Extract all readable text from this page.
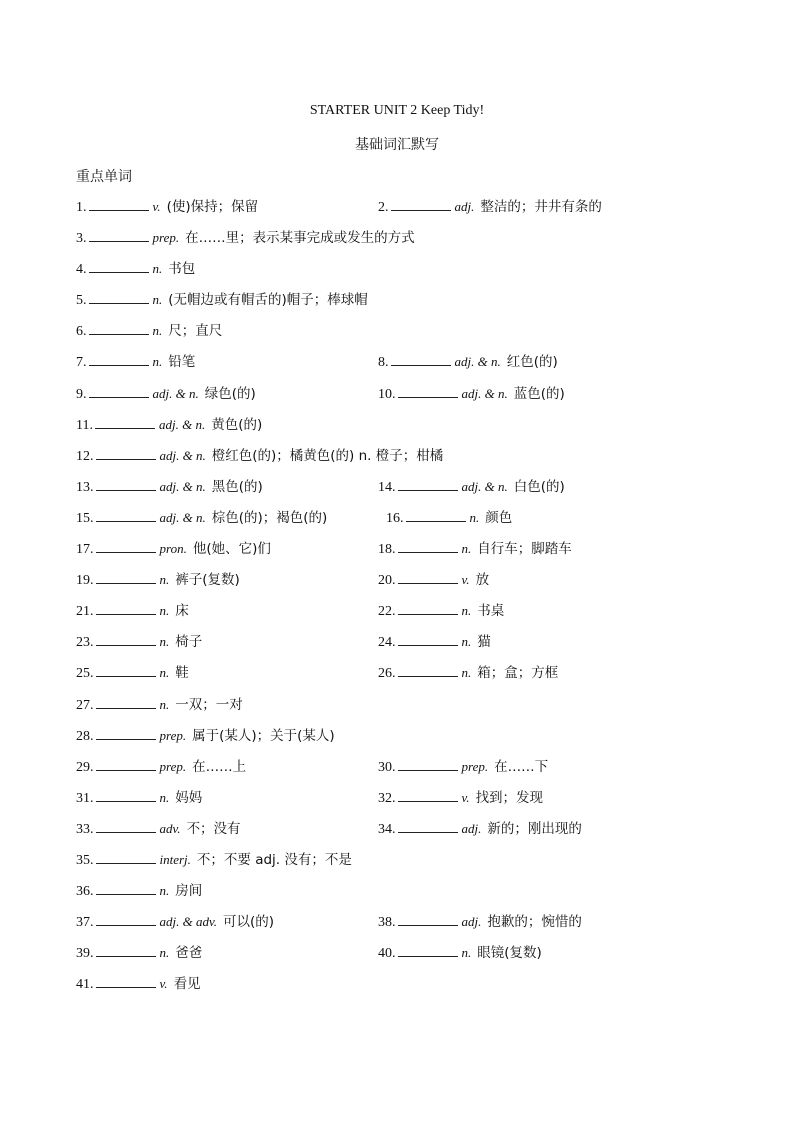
STARTER UNIT 2 Keep Tidy!
基础词汇默写
重点单词
1.	v. (使)保持；保留	2.	adj. 整洁的；井井有条的
3.	prep. 在……里；表示某事完成或发生的方式
4.	n. 书包
5.	n. (无帽边或有帽舌的)帽子；棒球帽
6.	n. 尺；直尺
7.	n. 铅笔	8.	adj. & n. 红色(的)
9.	adj. & n. 绿色(的)	10.	adj. & n. 蓝色(的)
11.	adj. & n. 黄色(的)
12.	adj. & n. 橙红色(的)；橘黄色(的) n. 橙子；柑橘
13.	adj. & n. 黑色(的)	14.	adj. & n. 白色(的)
15.	adj. & n. 棕色(的)；褐色(的)	16.	n. 颜色
17.	pron. 他(她、它)们	18.	n. 自行车；脚踏车
19.	n. 裤子(复数)	20.	v. 放
21.	n. 床	22.	n. 书桌
23.	n. 椅子	24.	n. 猫
25.	n. 鞋	26.	n. 箱；盒；方框
27.	n. 一双；一对
28.	prep. 属于(某人)；关于(某人)
29.	prep. 在……上	30.	prep. 在……下
31.	n. 妈妈	32.	v. 找到；发现
33.	adv. 不；没有	34.	adj. 新的；刚出现的
35.	interj. 不；不要 adj. 没有；不是
36.	n. 房间
37.	adj. & adv. 可以(的)	38.	adj. 抱歉的；惋惜的
39.	n. 爸爸	40.	n. 眼镜(复数)
41.	v. 看见
